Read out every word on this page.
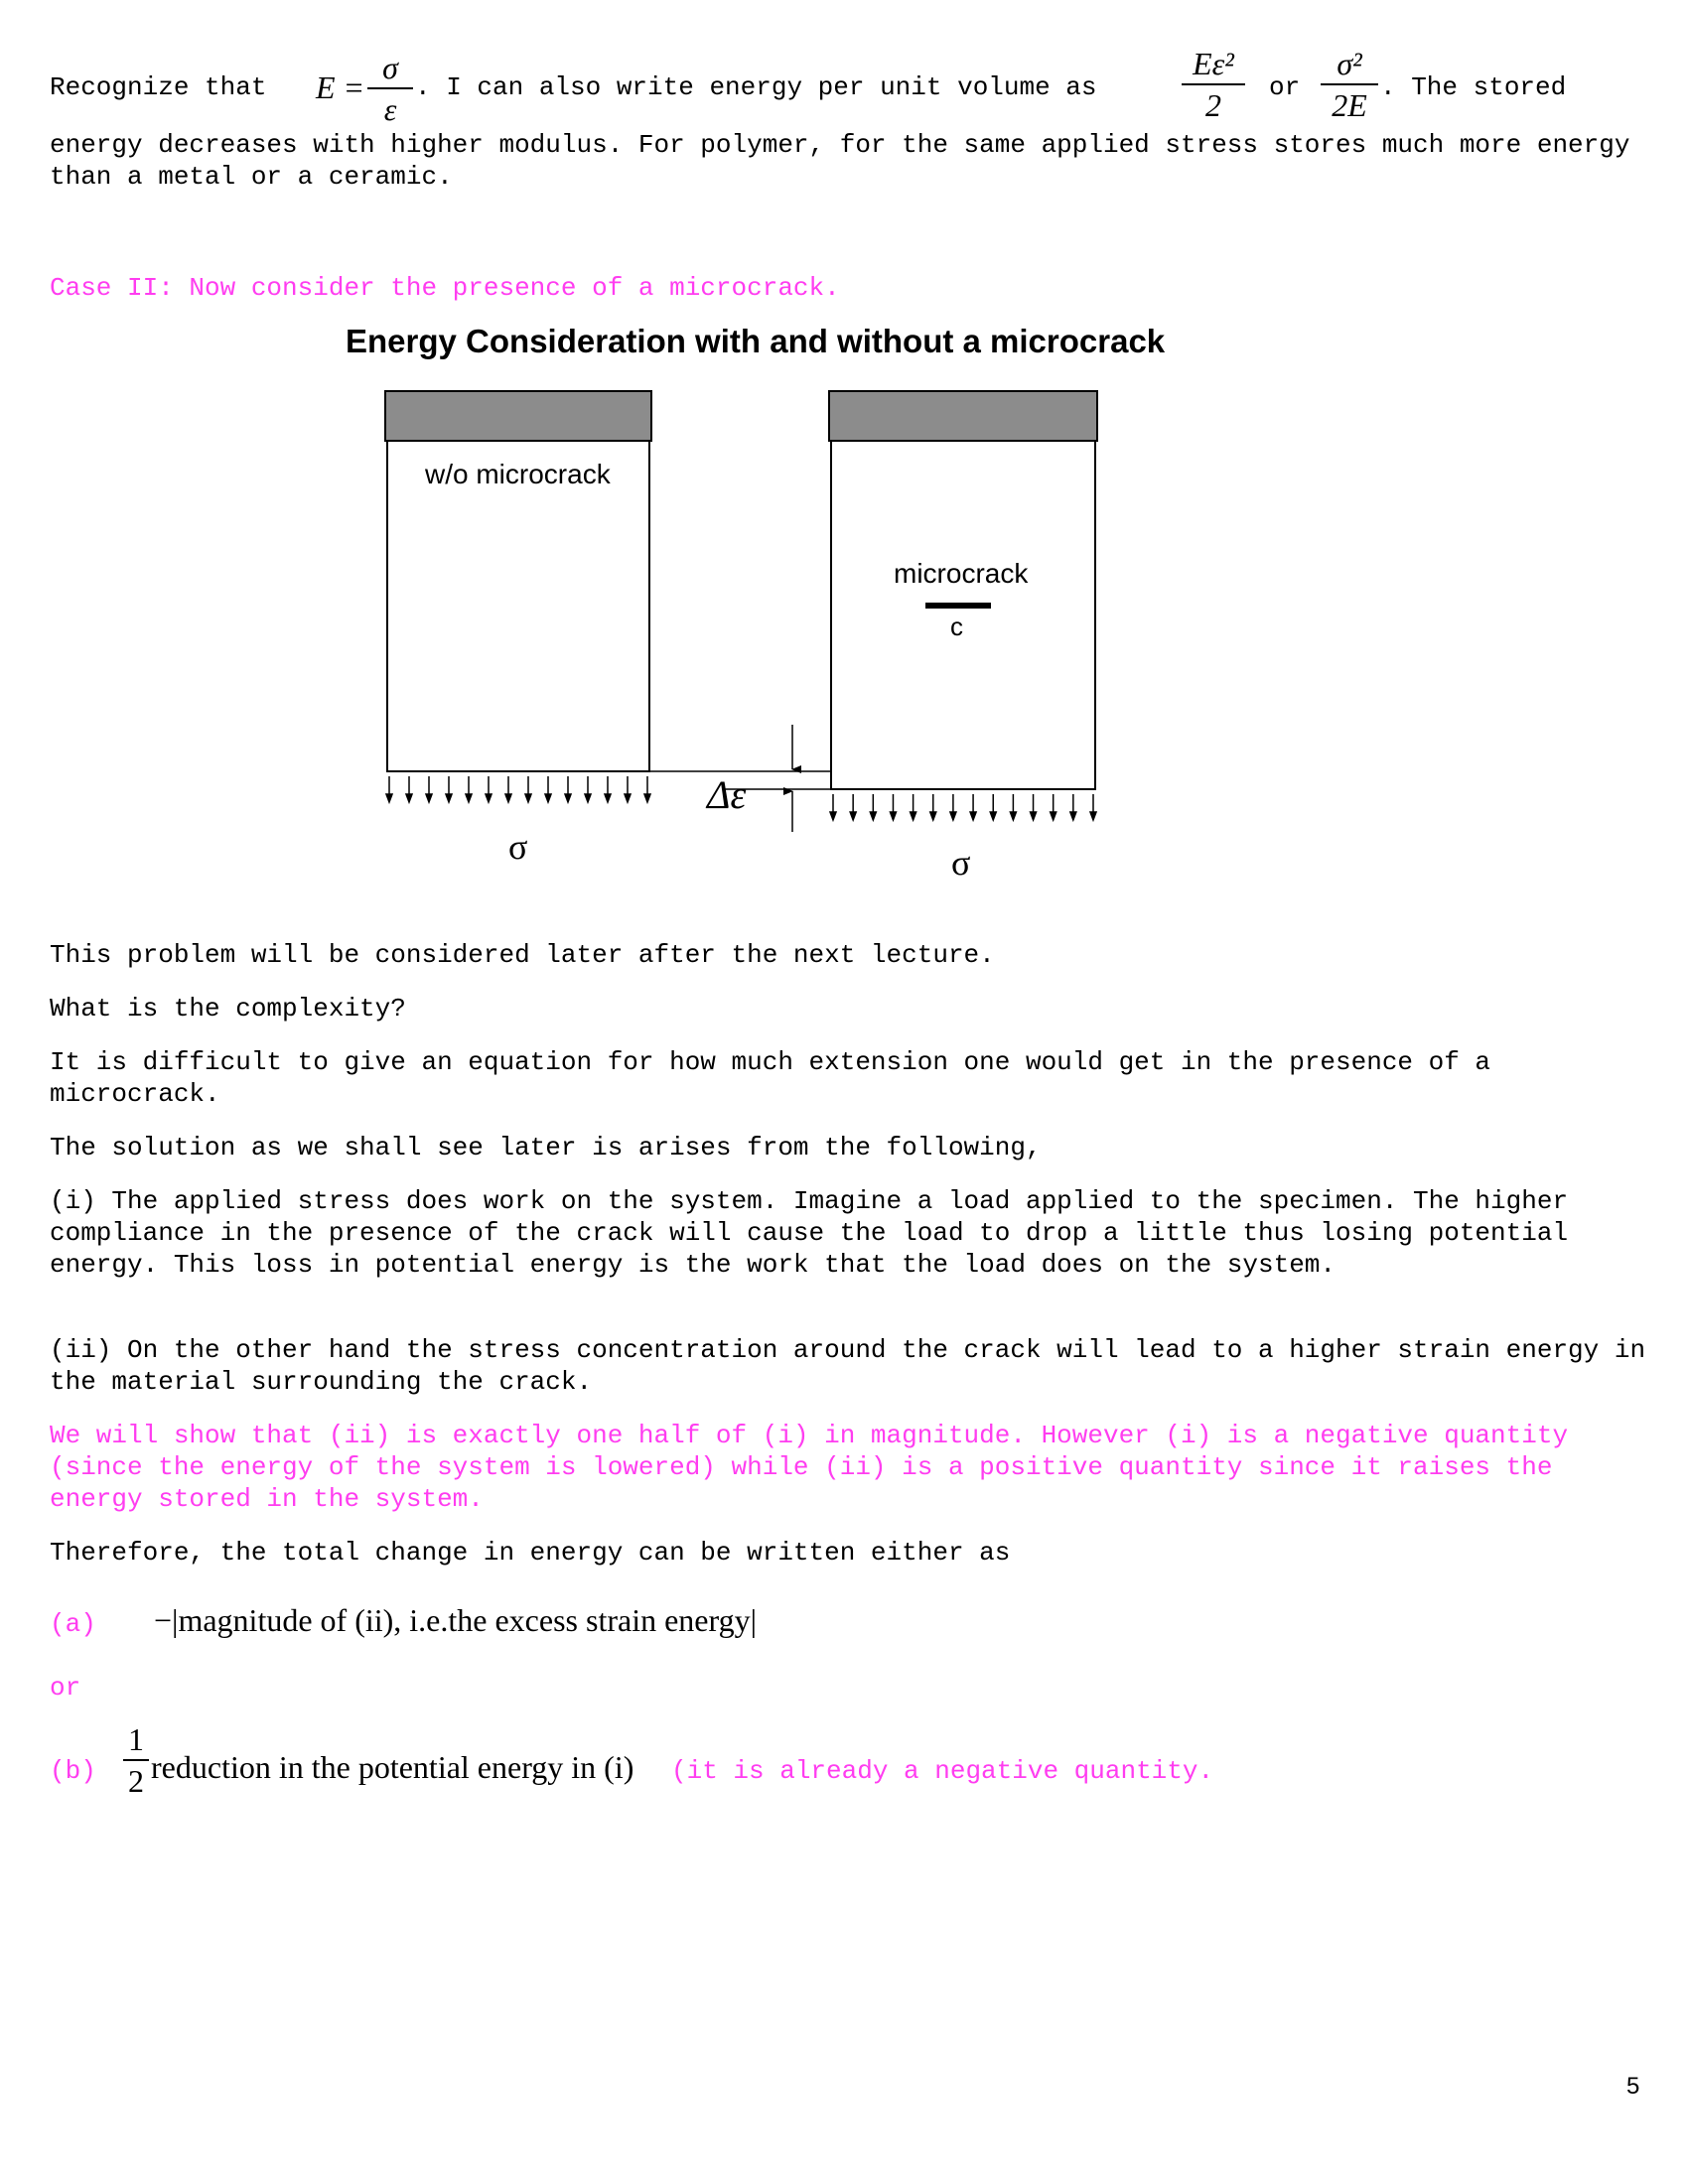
Recognize that E =
σ
ε
. I can also write energy per unit volume as
Eε²
2	or
σ²
2E . The stored

energy decreases with higher modulus. For polymer, for the same applied stress stores much more energy than a metal or a ceramic.

Case II: Now consider the presence of a microcrack.

Energy Consideration with and without a microcrack
w/o microcrack
microcrack
c
Δε
σ	σ

This problem will be considered later after the next lecture.

What is the complexity?

It is difficult to give an equation for how much extension one would get in the presence of a microcrack.

The solution as we shall see later is arises from the following,

(i) The applied stress does work on the system. Imagine a load applied to the specimen. The higher compliance in the presence of the crack will cause the load to drop a little thus losing potential energy. This loss in potential energy is the work that the load does on the system.

(ii) On the other hand the stress concentration around the crack will lead to a higher strain energy in the material surrounding the crack.

We will show that (ii) is exactly one half of (i) in magnitude. However (i) is a negative quantity (since the energy of the system is lowered) while (ii) is a positive quantity since it raises the energy stored in the system.

Therefore, the total change in energy can be written either as

(a) −|magnitude of (ii), i.e.the excess strain energy|
or
(b)
1
2 reduction in the potential energy in (i) (it is already a negative quantity.
5
